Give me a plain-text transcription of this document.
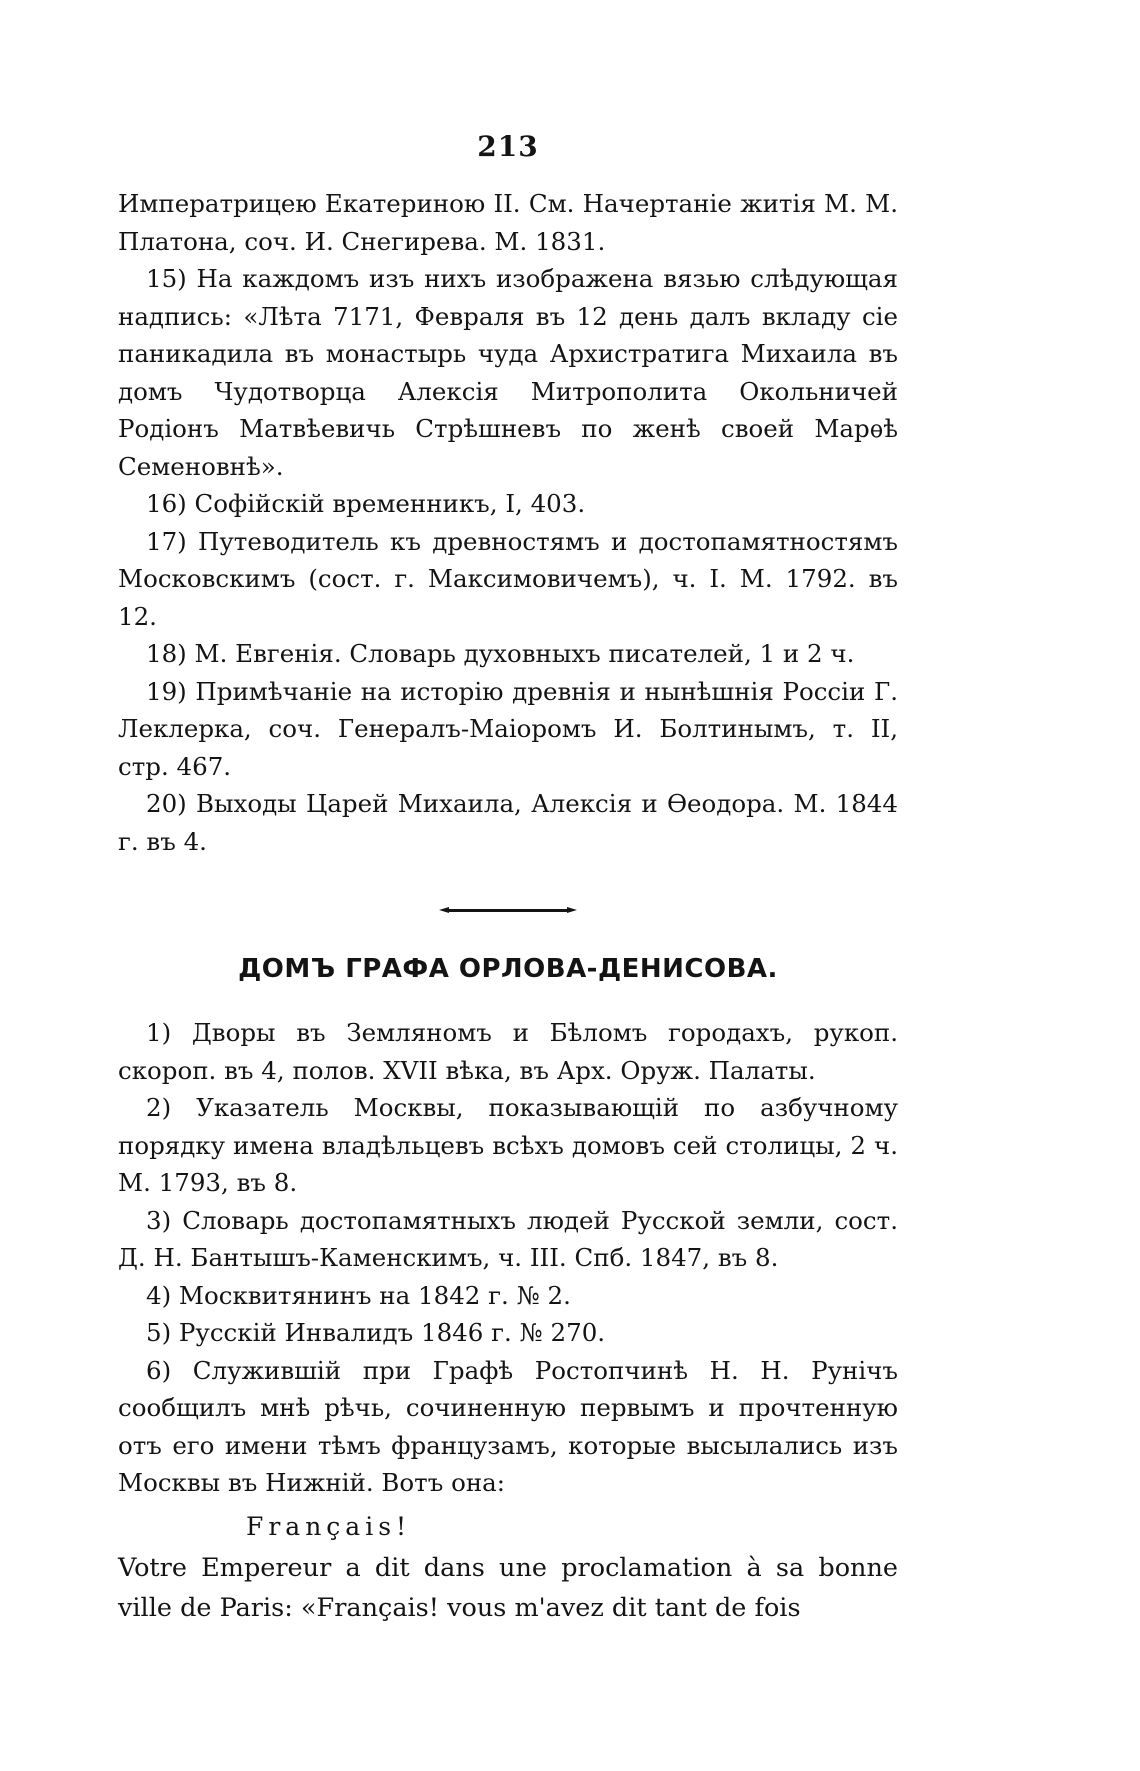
213

Императрицею Екатериною II. См. Начертаніе житія М. М. Платона, соч. И. Снегирева. М. 1831.

15) На каждомъ изъ нихъ изображена вязью слѣдующая надпись: «Лѣта 7171, Февраля въ 12 день далъ вкладу сіе паникадила въ монастырь чуда Архистратига Михаила въ домъ Чудотворца Алексія Митрополита Окольничей Родіонъ Матвѣевичь Стрѣшневъ по женѣ своей Марѳѣ Семеновнѣ».

16) Софійскій временникъ, I, 403.

17) Путеводитель къ древностямъ и достопамятностямъ Московскимъ (сост. г. Максимовичемъ), ч. I. М. 1792. въ 12.

18) М. Евгенія. Словарь духовныхъ писателей, 1 и 2 ч.

19) Примѣчаніе на исторію древнія и нынѣшнія Россіи Г. Леклерка, соч. Генералъ-Маіоромъ И. Болтинымъ, т. II, стр. 467.

20) Выходы Царей Михаила, Алексія и Ѳеодора. М. 1844 г. въ 4.

ДОМЪ ГРАФА ОРЛОВА-ДЕНИСОВА.

1) Дворы въ Земляномъ и Бѣломъ городахъ, рукоп. скороп. въ 4, полов. XVII вѣка, въ Арх. Оруж. Палаты.

2) Указатель Москвы, показывающій по азбучному порядку имена владѣльцевъ всѣхъ домовъ сей столицы, 2 ч. М. 1793, въ 8.

3) Словарь достопамятныхъ людей Русской земли, сост. Д. Н. Бантышъ-Каменскимъ, ч. III. Спб. 1847, въ 8.

4) Москвитянинъ на 1842 г. № 2.

5) Русскій Инвалидъ 1846 г. № 270.

6) Служившій при Графѣ Ростопчинѣ Н. Н. Рунічъ сообщилъ мнѣ рѣчь, сочиненную первымъ и прочтенную отъ его имени тѣмъ французамъ, которые высылались изъ Москвы въ Нижній. Вотъ она:

Français!

Votre Empereur a dit dans une proclamation à sa bonne ville de Paris: «Français! vous m'avez dit tant de fois
